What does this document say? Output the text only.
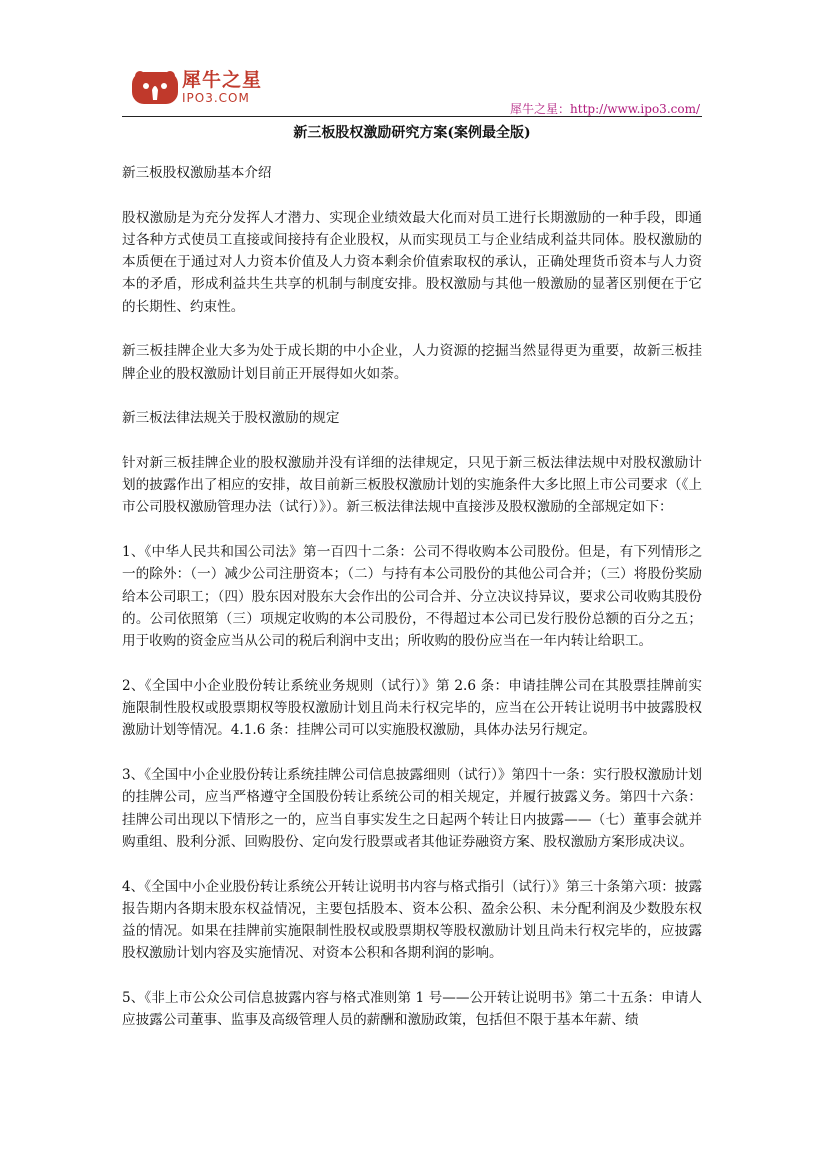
犀牛之星
IPO3.COM
犀牛之星：http://www.ipo3.com/
新三板股权激励研究方案(案例最全版)

新三板股权激励基本介绍

股权激励是为充分发挥人才潜力、实现企业绩效最大化而对员工进行长期激励的一种手段，即通过各种方式使员工直接或间接持有企业股权，从而实现员工与企业结成利益共同体。股权激励的本质便在于通过对人力资本价值及人力资本剩余价值索取权的承认，正确处理货币资本与人力资本的矛盾，形成利益共生共享的机制与制度安排。股权激励与其他一般激励的显著区别便在于它的长期性、约束性。

新三板挂牌企业大多为处于成长期的中小企业，人力资源的挖掘当然显得更为重要，故新三板挂牌企业的股权激励计划目前正开展得如火如荼。

新三板法律法规关于股权激励的规定

针对新三板挂牌企业的股权激励并没有详细的法律规定，只见于新三板法律法规中对股权激励计划的披露作出了相应的安排，故目前新三板股权激励计划的实施条件大多比照上市公司要求（《上市公司股权激励管理办法（试行）》）。新三板法律法规中直接涉及股权激励的全部规定如下：

1、《中华人民共和国公司法》第一百四十二条：公司不得收购本公司股份。但是，有下列情形之一的除外：（一）减少公司注册资本；（二）与持有本公司股份的其他公司合并；（三）将股份奖励给本公司职工；（四）股东因对股东大会作出的公司合并、分立决议持异议，要求公司收购其股份的。公司依照第（三）项规定收购的本公司股份，不得超过本公司已发行股份总额的百分之五；用于收购的资金应当从公司的税后利润中支出；所收购的股份应当在一年内转让给职工。

2、《全国中小企业股份转让系统业务规则（试行）》第 2.6 条：申请挂牌公司在其股票挂牌前实施限制性股权或股票期权等股权激励计划且尚未行权完毕的，应当在公开转让说明书中披露股权激励计划等情况。4.1.6 条：挂牌公司可以实施股权激励，具体办法另行规定。

3、《全国中小企业股份转让系统挂牌公司信息披露细则（试行）》第四十一条：实行股权激励计划的挂牌公司，应当严格遵守全国股份转让系统公司的相关规定，并履行披露义务。第四十六条：挂牌公司出现以下情形之一的，应当自事实发生之日起两个转让日内披露——（七）董事会就并购重组、股利分派、回购股份、定向发行股票或者其他证券融资方案、股权激励方案形成决议。

4、《全国中小企业股份转让系统公开转让说明书内容与格式指引（试行）》第三十条第六项：披露报告期内各期末股东权益情况，主要包括股本、资本公积、盈余公积、未分配利润及少数股东权益的情况。如果在挂牌前实施限制性股权或股票期权等股权激励计划且尚未行权完毕的，应披露股权激励计划内容及实施情况、对资本公积和各期利润的影响。

5、《非上市公众公司信息披露内容与格式准则第 1 号——公开转让说明书》第二十五条：申请人应披露公司董事、监事及高级管理人员的薪酬和激励政策，包括但不限于基本年薪、绩
